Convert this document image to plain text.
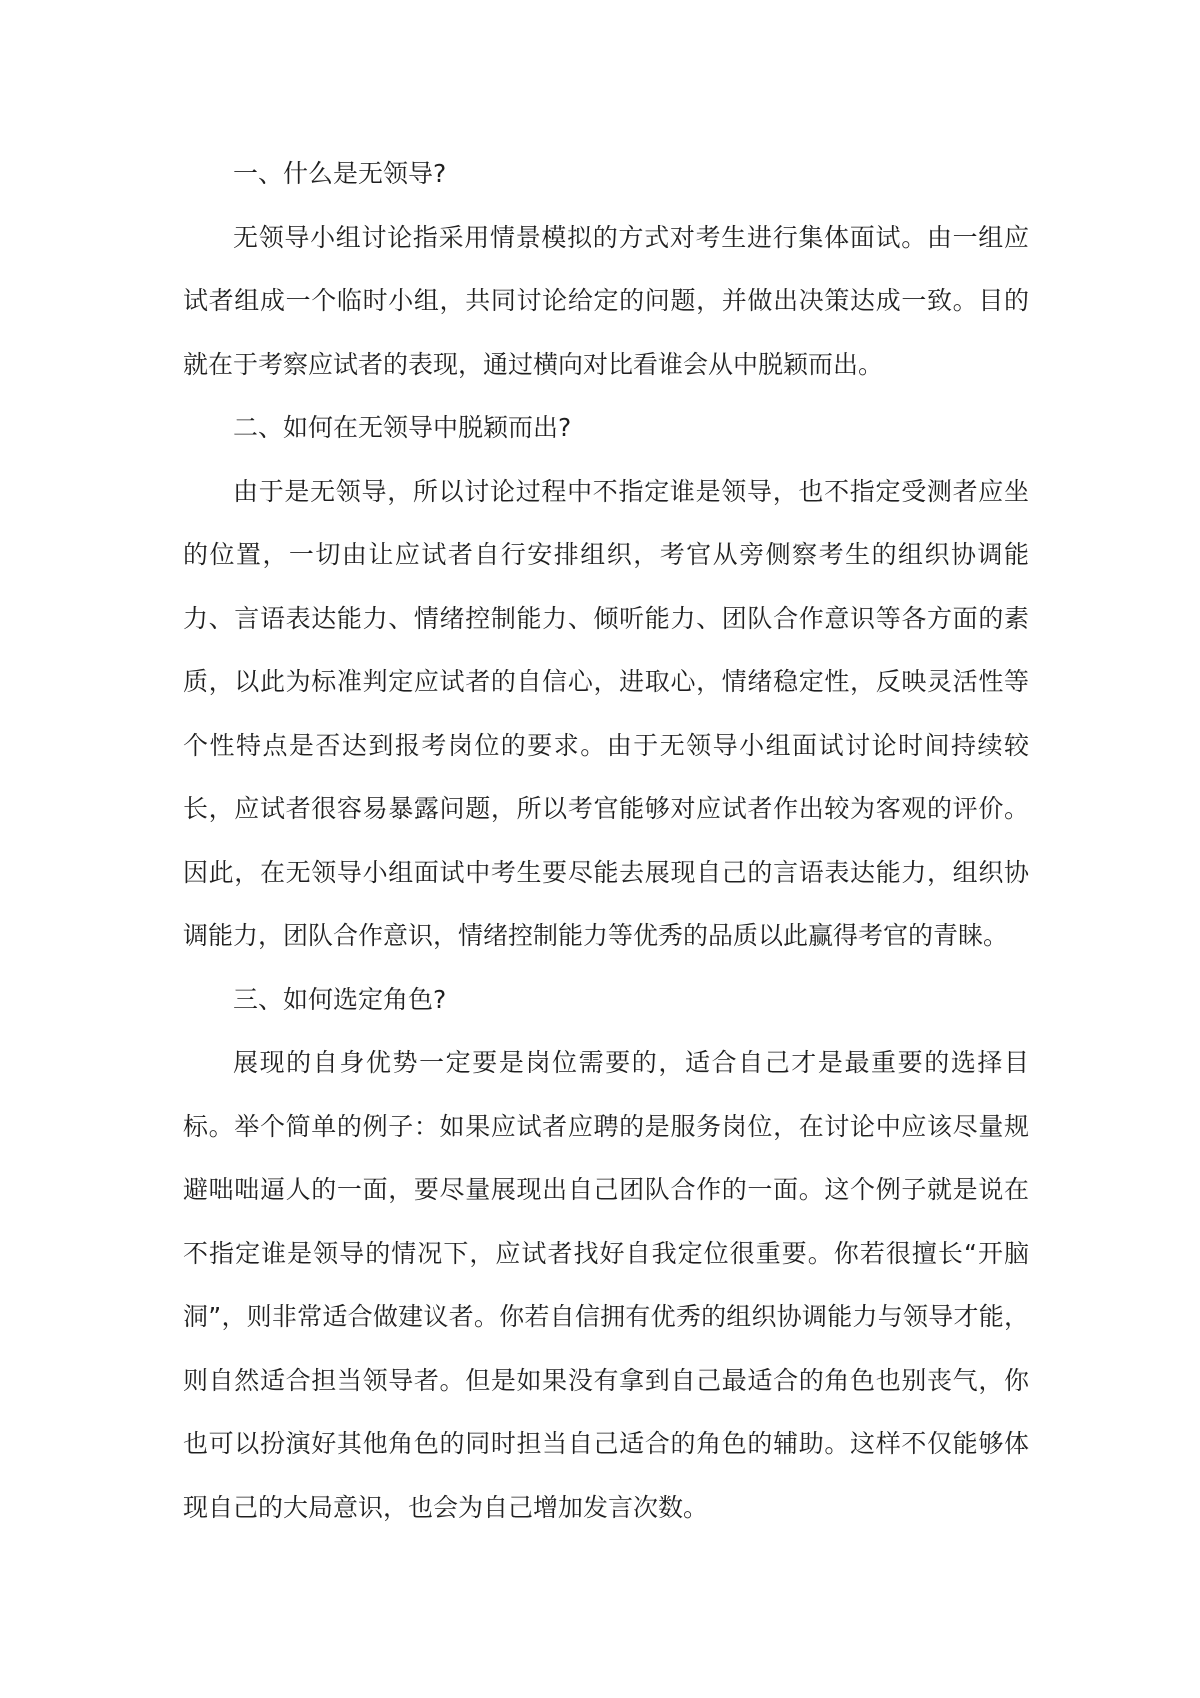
一、什么是无领导?

无领导小组讨论指采用情景模拟的方式对考生进行集体面试。由一组应试者组成一个临时小组，共同讨论给定的问题，并做出决策达成一致。目的就在于考察应试者的表现，通过横向对比看谁会从中脱颖而出。

二、如何在无领导中脱颖而出?

由于是无领导，所以讨论过程中不指定谁是领导，也不指定受测者应坐的位置，一切由让应试者自行安排组织，考官从旁侧察考生的组织协调能力、言语表达能力、情绪控制能力、倾听能力、团队合作意识等各方面的素质，以此为标准判定应试者的自信心，进取心，情绪稳定性，反映灵活性等个性特点是否达到报考岗位的要求。由于无领导小组面试讨论时间持续较长，应试者很容易暴露问题，所以考官能够对应试者作出较为客观的评价。因此，在无领导小组面试中考生要尽能去展现自己的言语表达能力，组织协调能力，团队合作意识，情绪控制能力等优秀的品质以此赢得考官的青睐。

三、如何选定角色?

展现的自身优势一定要是岗位需要的，适合自己才是最重要的选择目标。举个简单的例子：如果应试者应聘的是服务岗位，在讨论中应该尽量规避咄咄逼人的一面，要尽量展现出自己团队合作的一面。这个例子就是说在不指定谁是领导的情况下，应试者找好自我定位很重要。你若很擅长“开脑洞”，则非常适合做建议者。你若自信拥有优秀的组织协调能力与领导才能，则自然适合担当领导者。但是如果没有拿到自己最适合的角色也别丧气，你也可以扮演好其他角色的同时担当自己适合的角色的辅助。这样不仅能够体现自己的大局意识，也会为自己增加发言次数。
